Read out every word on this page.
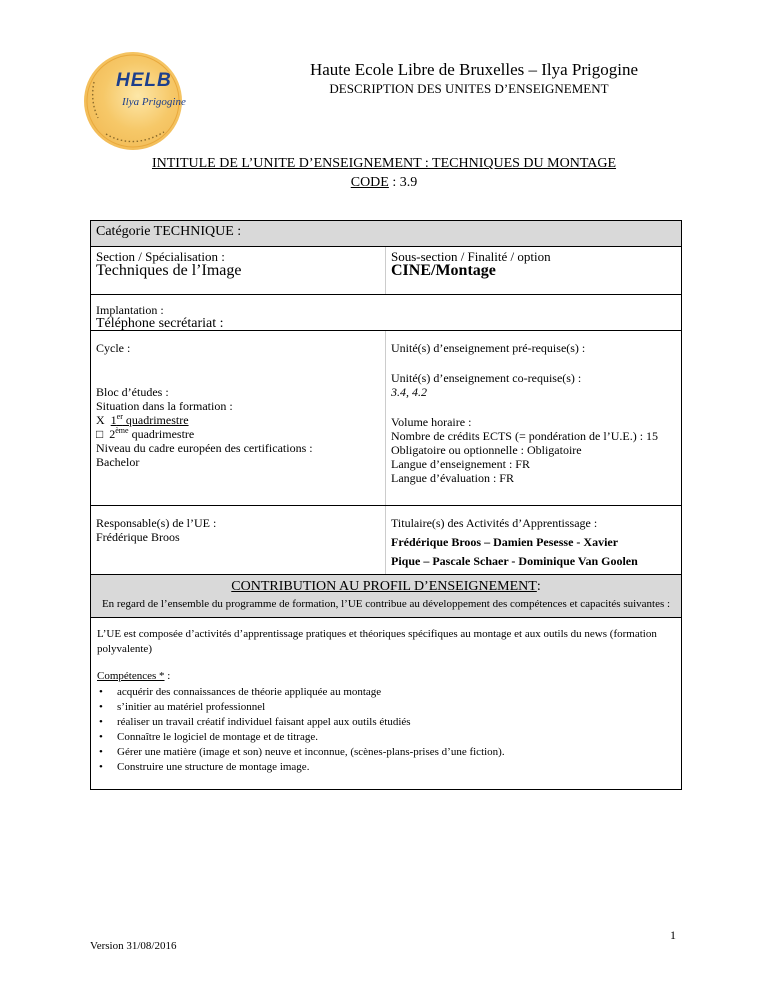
HELB
Ilya Prigogine
Haute Ecole Libre de Bruxelles – Ilya Prigogine
DESCRIPTION DES UNITES D’ENSEIGNEMENT
INTITULE DE L’UNITE D’ENSEIGNEMENT : TECHNIQUES DU MONTAGE
CODE : 3.9
Catégorie TECHNIQUE :
Section / Spécialisation :
Techniques de l’Image
Sous-section / Finalité / option
CINE/Montage
Implantation :
Téléphone secrétariat :
Cycle :
Bloc d’études :
Situation dans la formation :
X 1er quadrimestre
□ 2ème quadrimestre
Niveau du cadre européen des certifications :
Bachelor
Unité(s) d’enseignement pré-requise(s) :
Unité(s) d’enseignement co-requise(s) :
3.4, 4.2
Volume horaire :
Nombre de crédits ECTS (= pondération de l’U.E.) : 15
Obligatoire ou optionnelle : Obligatoire
Langue d’enseignement : FR
Langue d’évaluation : FR
Responsable(s) de l’UE :
Frédérique Broos
Titulaire(s) des Activités d’Apprentissage :
Frédérique Broos – Damien Pesesse - Xavier
Pique – Pascale Schaer - Dominique Van Goolen
CONTRIBUTION AU PROFIL D’ENSEIGNEMENT:
En regard de l’ensemble du programme de formation, l’UE contribue au développement des compétences et capacités suivantes :
L’UE est composée d’activités d’apprentissage pratiques et théoriques spécifiques au montage et aux outils du news (formation polyvalente)
Compétences * :
• acquérir des connaissances de théorie appliquée au montage
• s’initier au matériel professionnel
• réaliser un travail créatif individuel faisant appel aux outils étudiés
• Connaître le logiciel de montage et de titrage.
• Gérer une matière (image et son) neuve et inconnue, (scènes-plans-prises d’une fiction).
• Construire une structure de montage image.
1
Version 31/08/2016
